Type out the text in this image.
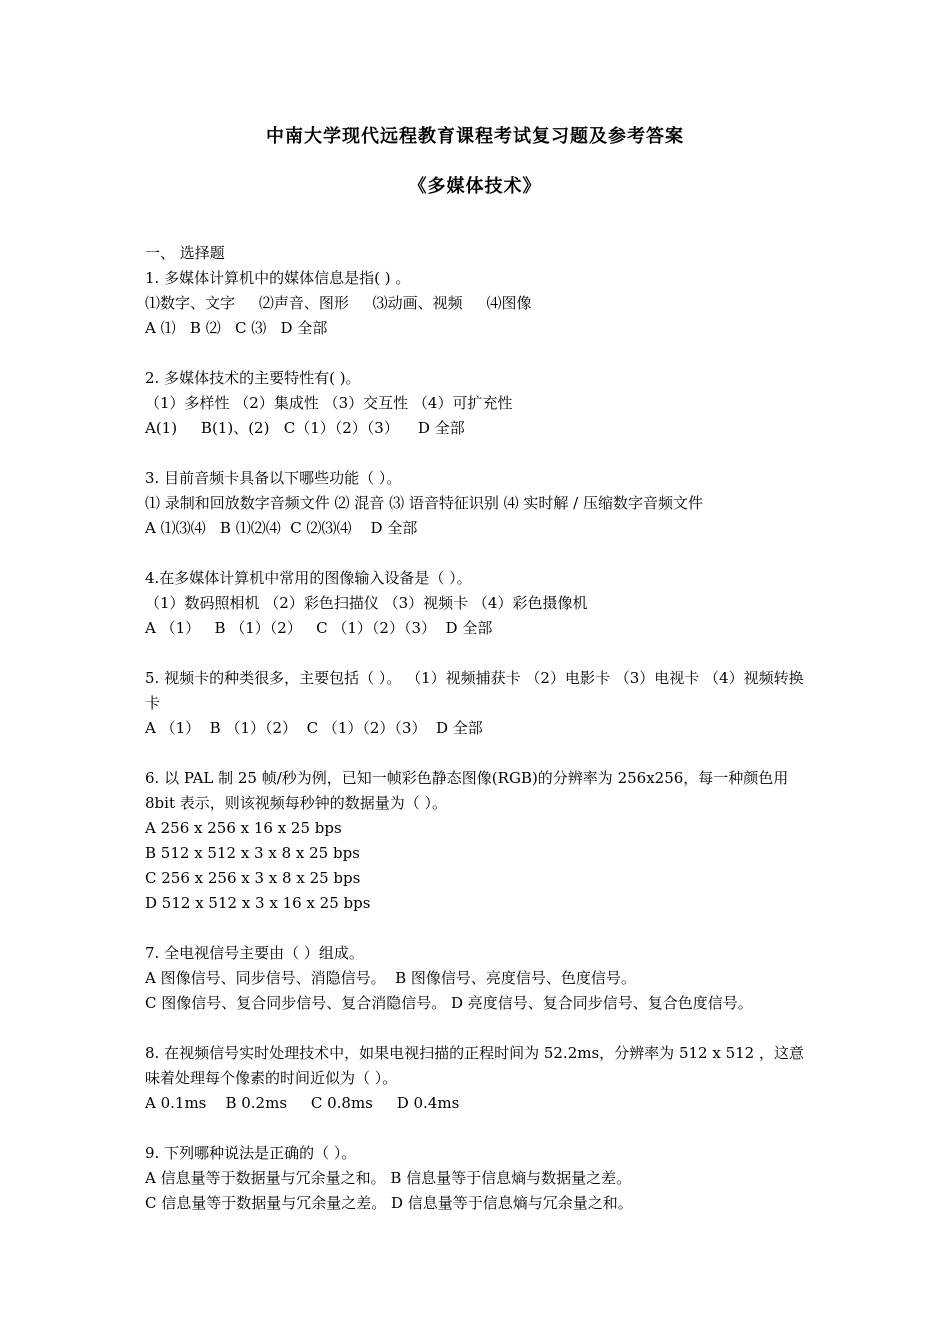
中南大学现代远程教育课程考试复习题及参考答案
《多媒体技术》
一、 选择题
1. 多媒体计算机中的媒体信息是指( ) 。
⑴数字、文字     ⑵声音、图形     ⑶动画、视频     ⑷图像
A ⑴   B ⑵   C ⑶   D 全部
2. 多媒体技术的主要特性有( )。
（1）多样性 （2）集成性 （3）交互性 （4）可扩充性
A(1)     B(1)、(2)   C（1）（2）（3）    D 全部
3. 目前音频卡具备以下哪些功能（ ）。
⑴ 录制和回放数字音频文件 ⑵ 混音 ⑶ 语音特征识别 ⑷ 实时解 / 压缩数字音频文件
A ⑴⑶⑷   B ⑴⑵⑷  C ⑵⑶⑷    D 全部
4.在多媒体计算机中常用的图像输入设备是（ ）。
（1）数码照相机 （2）彩色扫描仪 （3）视频卡 （4）彩色摄像机
A （1）   B （1）（2）   C （1）（2）（3）  D 全部
5. 视频卡的种类很多，主要包括（ ）。 （1）视频捕获卡 （2）电影卡 （3）电视卡 （4）视频转换卡
A （1）  B （1）（2）  C （1）（2）（3）  D 全部
6. 以 PAL 制 25 帧/秒为例，已知一帧彩色静态图像(RGB)的分辨率为 256x256，每一种颜色用 8bit 表示，则该视频每秒钟的数据量为（ ）。
A 256 x 256 x 16 x 25 bps
B 512 x 512 x 3 x 8 x 25 bps
C 256 x 256 x 3 x 8 x 25 bps
D 512 x 512 x 3 x 16 x 25 bps
7. 全电视信号主要由（ ）组成。
A 图像信号、同步信号、消隐信号。  B 图像信号、亮度信号、色度信号。
C 图像信号、复合同步信号、复合消隐信号。 D 亮度信号、复合同步信号、复合色度信号。
8. 在视频信号实时处理技术中，如果电视扫描的正程时间为 52.2ms，分辨率为 512 x 512 ，这意味着处理每个像素的时间近似为（ ）。
A 0.1ms    B 0.2ms     C 0.8ms     D 0.4ms
9. 下列哪种说法是正确的（ ）。
A 信息量等于数据量与冗余量之和。 B 信息量等于信息熵与数据量之差。
C 信息量等于数据量与冗余量之差。 D 信息量等于信息熵与冗余量之和。
